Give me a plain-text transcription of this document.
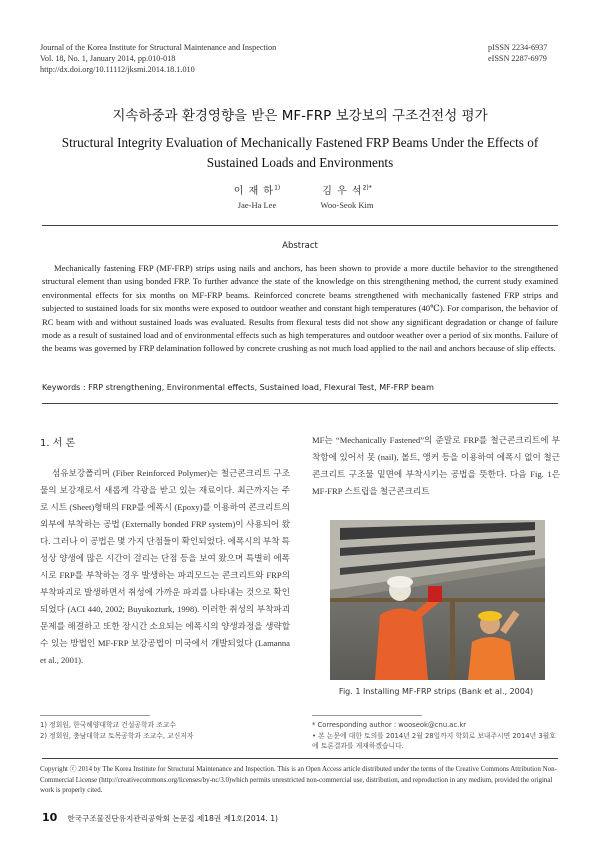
Journal of the Korea Institute for Structural Maintenance and Inspection
Vol. 18, No. 1, January 2014, pp.010-018
http://dx.doi.org/10.11112/jksmi.2014.18.1.010
pISSN 2234-6937
eISSN 2287-6979
지속하중과 환경영향을 받은 MF-FRP 보강보의 구조건전성 평가
Structural Integrity Evaluation of Mechanically Fastened FRP Beams Under the Effects of Sustained Loads and Environments
이 재 하$^{1)}$
Jae-Ha Lee
김 우 석$^{2)*}$
Woo-Seok Kim
Abstract
Mechanically fastening FRP (MF-FRP) strips using nails and anchors, has been shown to provide a more ductile behavior to the strengthened structural element than using bonded FRP. To further advance the state of the knowledge on this strengthening method, the current study examined environmental effects for six months on MF-FRP beams. Reinforced concrete beams strengthened with mechanically fastened FRP strips and subjected to sustained loads for six months were exposed to outdoor weather and constant high temperatures (40℃). For comparison, the behavior of RC beam with and without sustained loads was evaluated. Results from flexural tests did not show any significant degradation or change of failure mode as a result of sustained load and of environmental effects such as high temperatures and outdoor weather over a period of six months. Failure of the beams was governed by FRP delamination followed by concrete crushing as not much load applied to the nail and anchors because of slip effects.
Keywords : FRP strengthening, Environmental effects, Sustained load, Flexural Test, MF-FRP beam
1. 서 론
섬유보강폴리머 (Fiber Reinforced Polymer)는 철근콘크리트 구조물의 보강재로서 새롭게 각광을 받고 있는 재료이다. 최근까지는 주로 시트 (Sheet)형태의 FRP를 에폭시 (Epoxy)를 이용하여 콘크리트의 외부에 부착하는 공법 (Externally bonded FRP system)이 사용되어 왔다. 그러나 이 공법은 몇 가지 단점들이 확인되었다. 에폭시의 부착 특성상 양생에 많은 시간이 걸리는 단점 등을 보여 왔으며 특별히 에폭시로 FRP를 부착하는 경우 발생하는 파괴모드는 콘크리트와 FRP의 부착파괴로 발생하면서 취성에 가까운 파괴를 나타내는 것으로 확인되었다 (ACI 440, 2002; Buyukozturk, 1998). 이러한 취성의 부착파괴문제를 해결하고 또한 장시간 소요되는 에폭시의 양생과정을 생략할 수 있는 방법인 MF-FRP 보강공법이 미국에서 개발되었다 (Lamanna et al., 2001).
MF는 “Mechanically Fastened”의 준말로 FRP를 철근콘크리트에 부착함에 있어서 못 (nail), 볼트, 앵커 등을 이용하여 에폭시 없이 철근콘크리트 구조물 밑면에 부착시키는 공법을 뜻한다. 다음 Fig. 1은 MF-FRP 스트립을 철근콘크리트
Fig. 1 Installing MF-FRP strips (Bank et al., 2004)
1) 정회원, 한국해양대학교 건설공학과 조교수
2) 정회원, 충남대학교 토목공학과 조교수, 교신저자
* Corresponding author : wooseok@cnu.ac.kr
• 본 논문에 대한 토의를 2014년 2월 28일까지 학회로 보내주시면 2014년 3월호에 토론결과를 게재하겠습니다.
Copyright ⓒ 2014 by The Korea Institute for Structural Maintenance and Inspection. This is an Open Access article distributed under the terms of the Creative Commons Attribution Non-Commercial License (http://creativecommons.org/licenses/by-nc/3.0)which permits unrestricted non-commercial use, distribution, and reproduction in any medium, provided the original work is properly cited.
10 한국구조물진단유지관리공학회 논문집 제18권 제1호(2014. 1)
